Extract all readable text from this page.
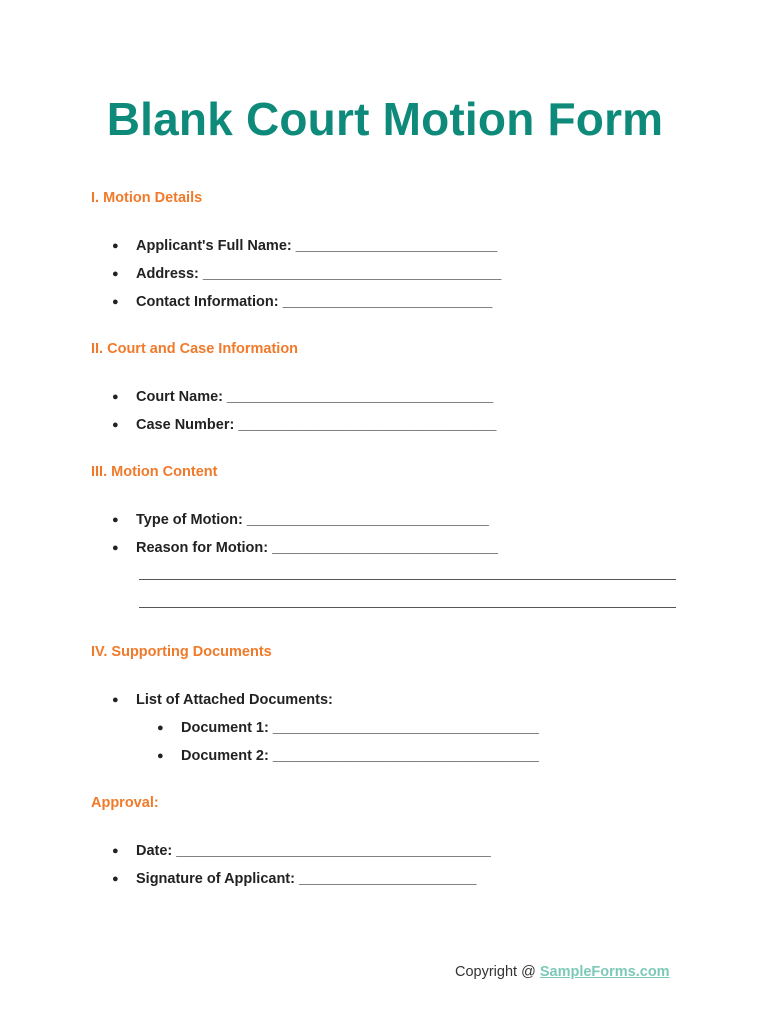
Blank Court Motion Form
I. Motion Details
● Applicant's Full Name: _________________________
● Address: _____________________________________
● Contact Information: __________________________
II. Court and Case Information
● Court Name: _________________________________
● Case Number: ________________________________
III. Motion Content
● Type of Motion: ______________________________
● Reason for Motion: ____________________________
IV. Supporting Documents
● List of Attached Documents:
● Document 1: _________________________________
● Document 2: _________________________________
Approval:
● Date: _______________________________________
● Signature of Applicant: ______________________
Copyright @ SampleForms.com
